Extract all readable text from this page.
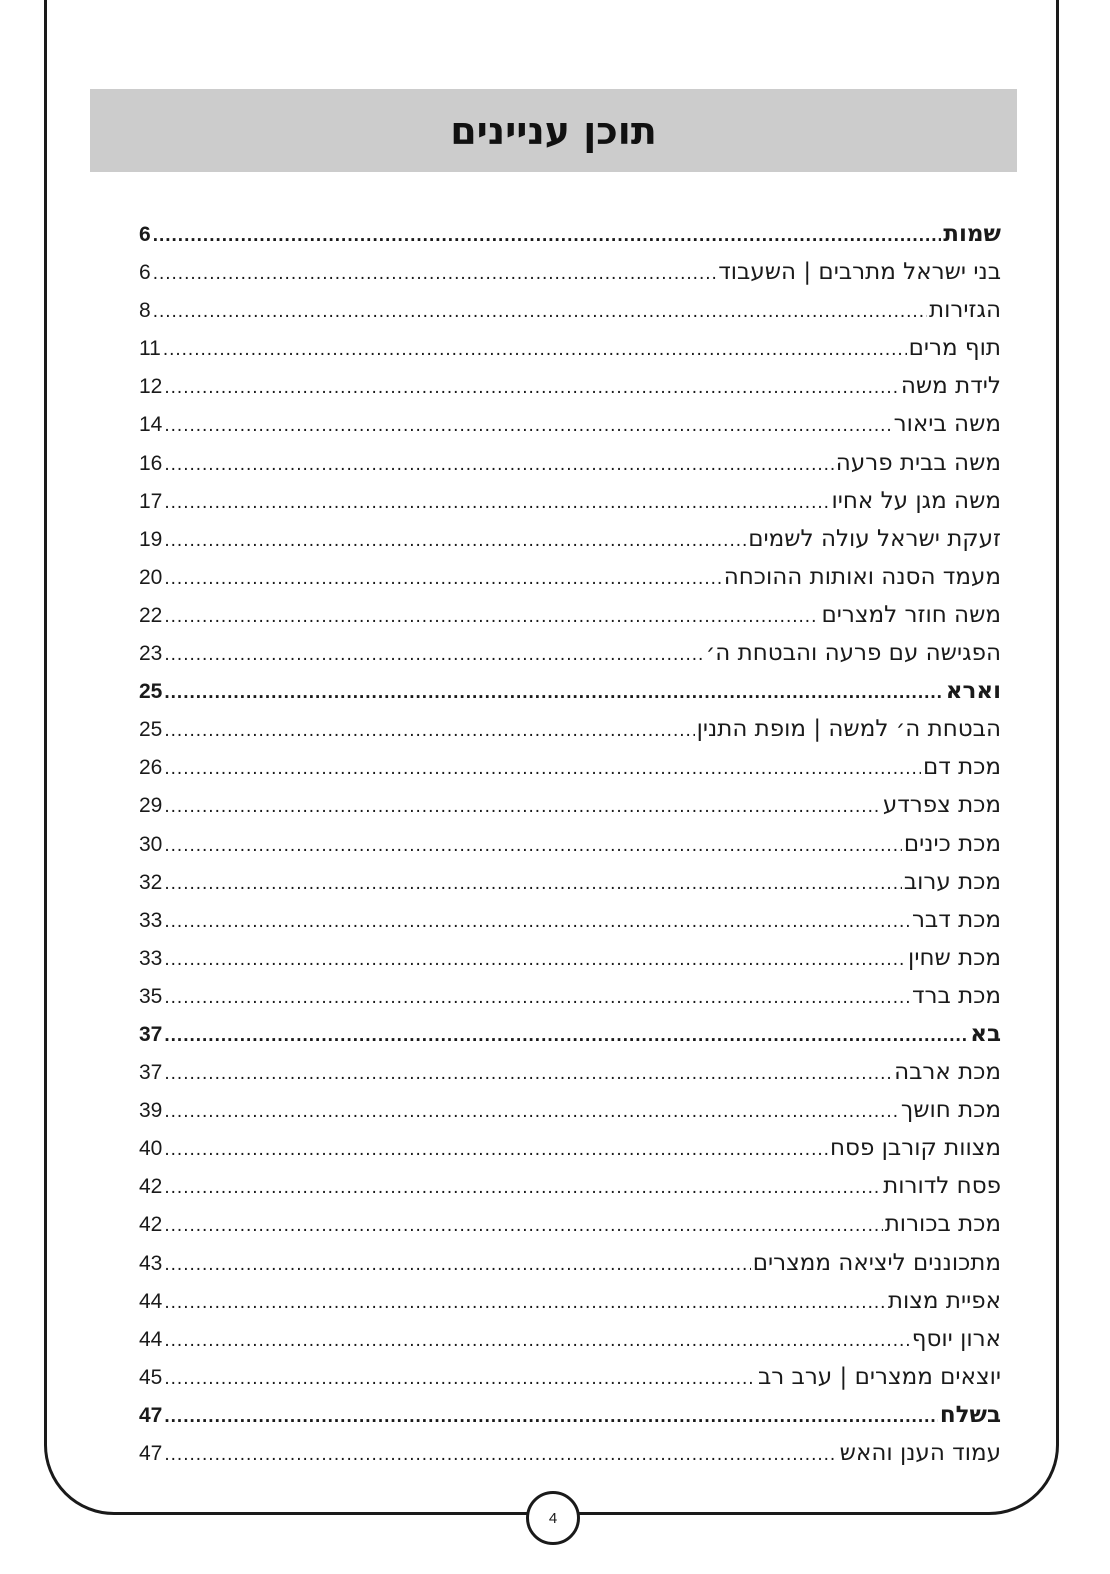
תוכן עניינים
6 .....	שמות
6 .....	בני ישראל מתרבים | השעבוד
8 .....	הגזירות
11 .....	תוף מרים
12 .....	לידת משה
14 .....	משה ביאור
16 .....	משה בבית פרעה
17 .....	משה מגן על אחיו
19 .....	זעקת ישראל עולה לשמים
20 .....	מעמד הסנה ואותות ההוכחה
22 .....	משה חוזר למצרים
23 .....	הפגישה עם פרעה והבטחת ה׳
25 .....	וארא
25 .....	הבטחת ה׳ למשה | מופת התנין
26 .....	מכת דם
29 .....	מכת צפרדע
30 .....	מכת כינים
32 .....	מכת ערוב
33 .....	מכת דבר
33 .....	מכת שחין
35 .....	מכת ברד
37 .....	בא
37 .....	מכת ארבה
39 .....	מכת חושך
40 .....	מצוות קורבן פסח
42 .....	פסח לדורות
42 .....	מכת בכורות
43 .....	מתכוננים ליציאה ממצרים
44 .....	אפיית מצות
44 .....	ארון יוסף
45 .....	יוצאים ממצרים | ערב רב
47 .....	בשלח
47 .....	עמוד הענן והאש
4
